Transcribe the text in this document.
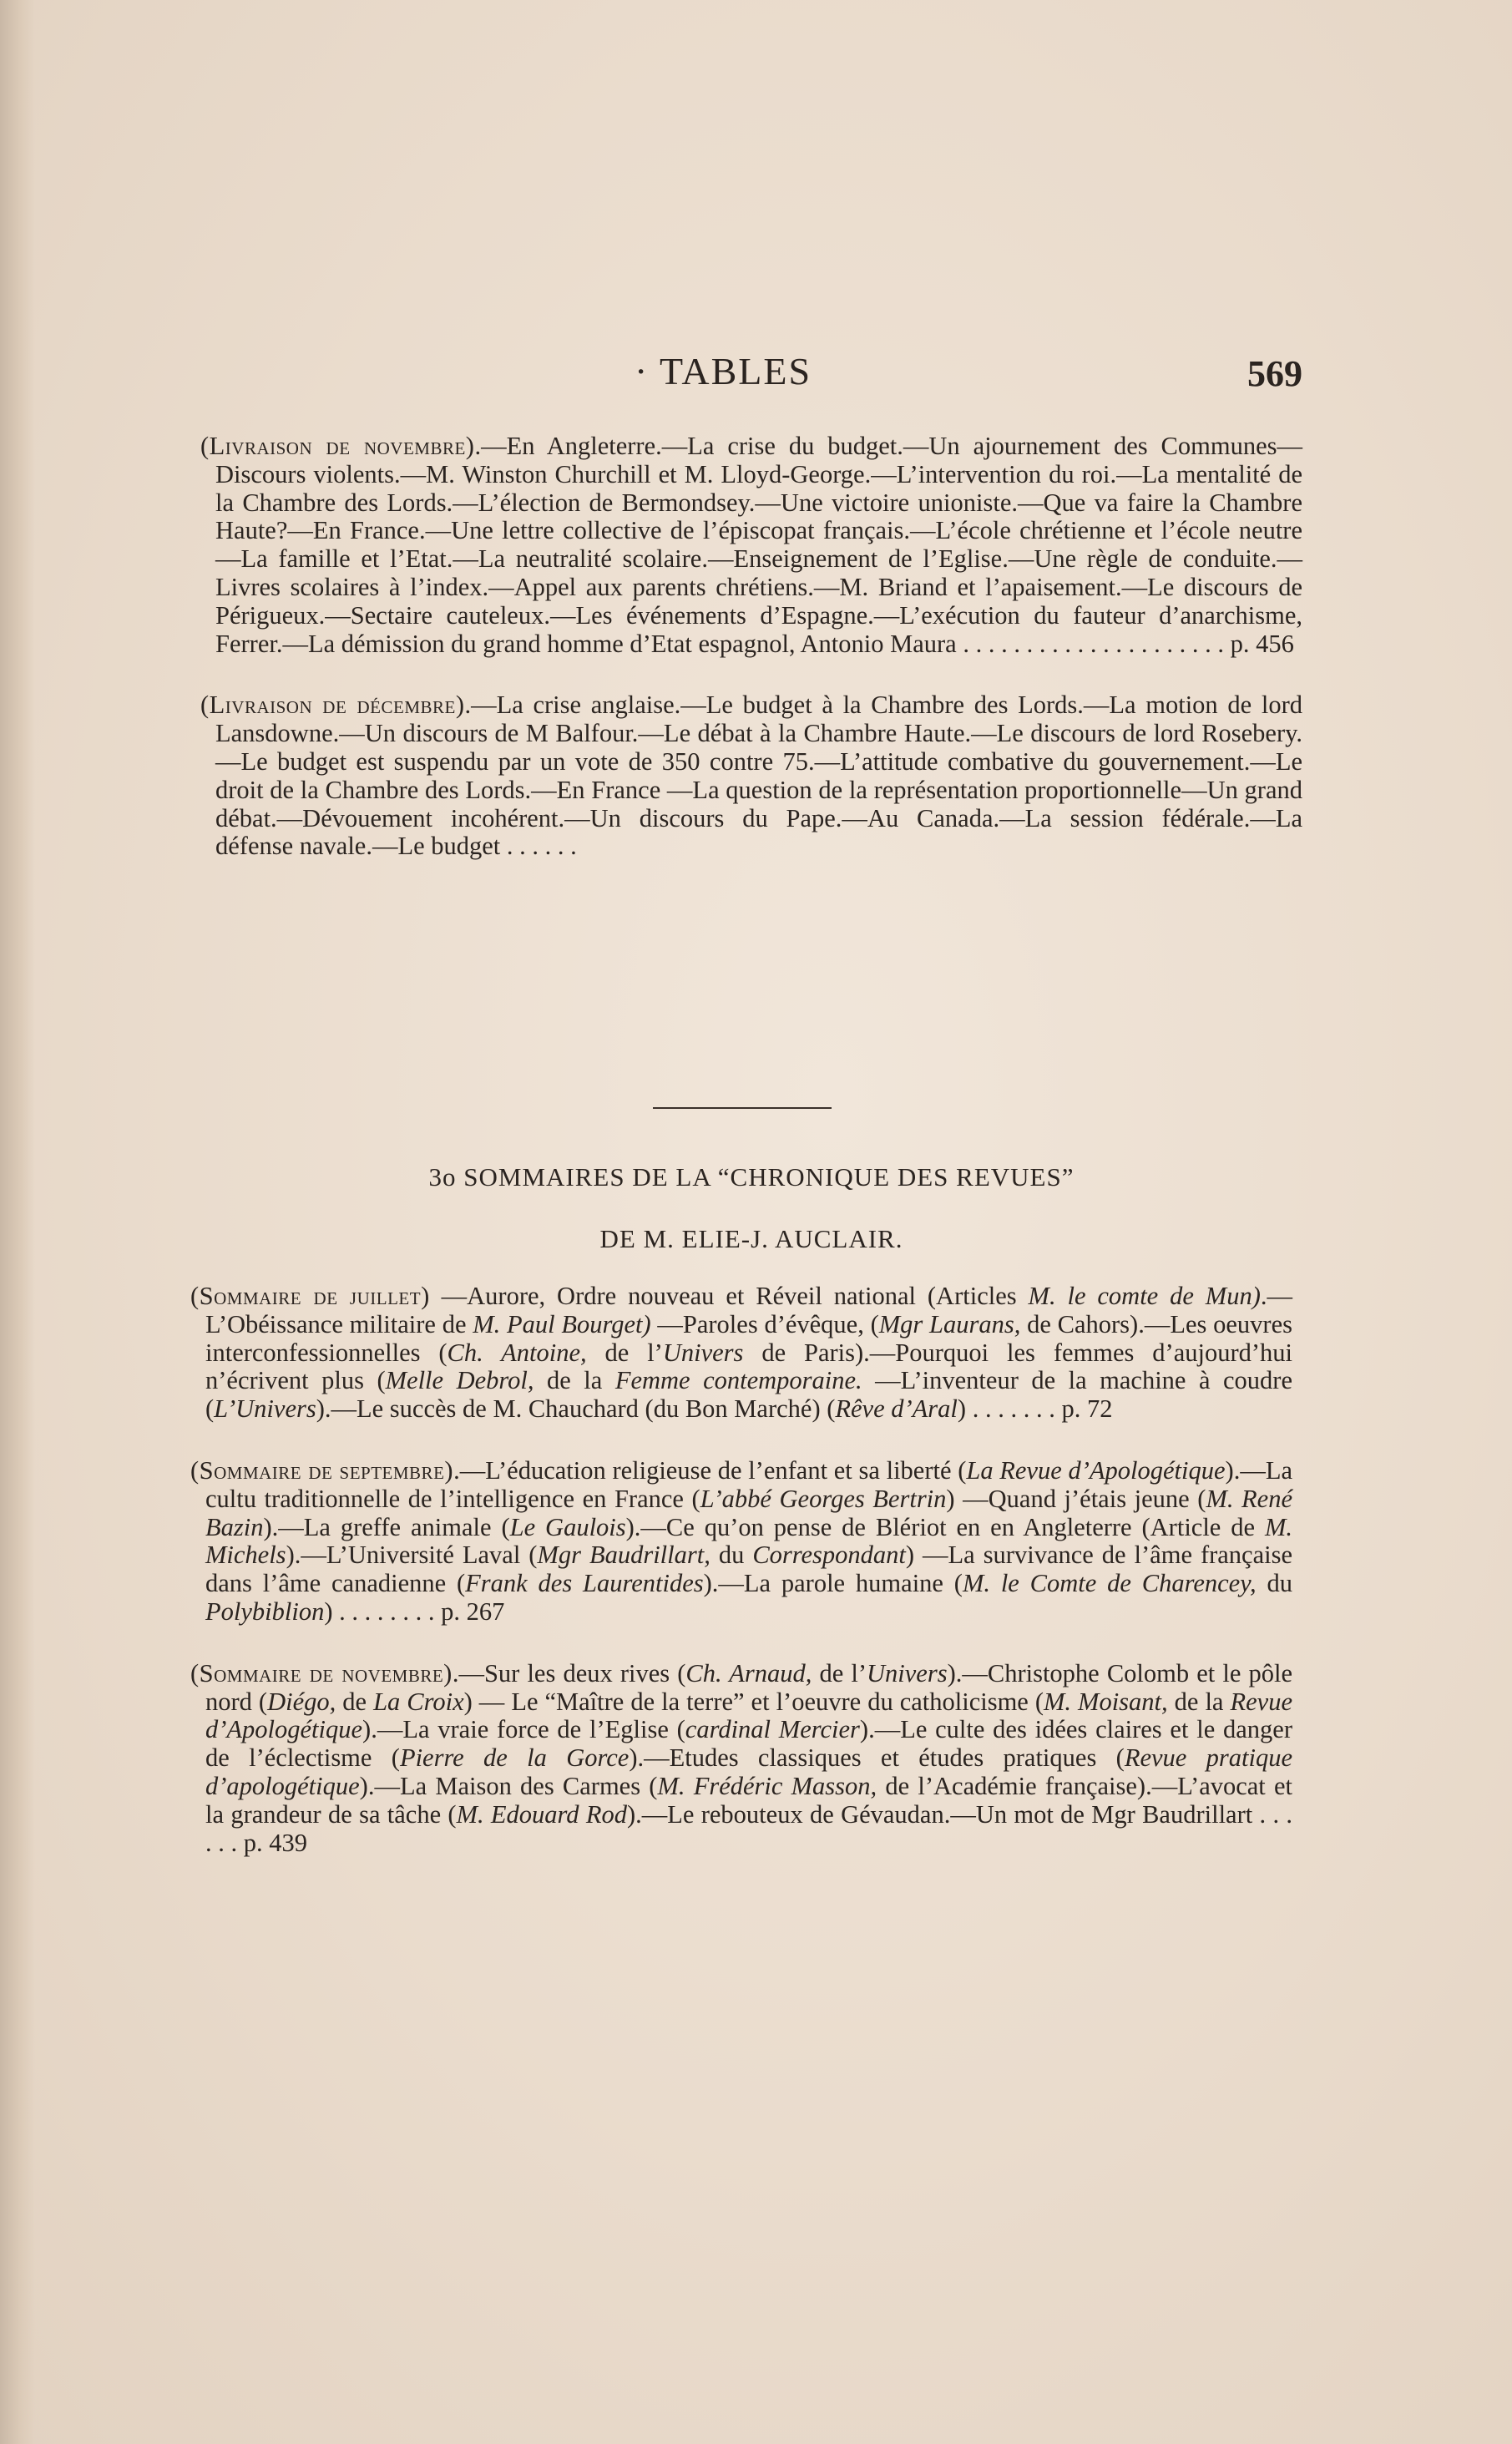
· TABLES	569

(Livraison de novembre).—En Angleterre.—La crise du budget.—Un ajournement des Communes—Discours violents.—M. Winston Churchill et M. Lloyd-George.—L’intervention du roi.—La mentalité de la Chambre des Lords.—L’élection de Bermondsey.—Une victoire unioniste.—Que va faire la Chambre Haute?—En France.—Une lettre collective de l’épiscopat français.—L’école chrétienne et l’école neutre—La famille et l’Etat.—La neutralité scolaire.—Enseignement de l’Eglise.—Une règle de conduite.—Livres scolaires à l’index.—Appel aux parents chrétiens.—M. Briand et l’apaisement.—Le discours de Périgueux.—Sectaire cauteleux.—Les événements d’Espagne.—L’exécution du fauteur d’anarchisme, Ferrer.—La démission du grand homme d’Etat espagnol, Antonio Maura . . . . . . . . . . . . . . . . . . . . . p. 456

(Livraison de décembre).—La crise anglaise.—Le budget à la Chambre des Lords.—La motion de lord Lansdowne.—Un discours de M Balfour.—Le débat à la Chambre Haute.—Le discours de lord Rosebery.—Le budget est suspendu par un vote de 350 contre 75.—L’attitude combative du gouvernement.—Le droit de la Chambre des Lords.—En France —La question de la représentation proportionnelle—Un grand débat.—Dévouement incohérent.—Un discours du Pape.—Au Canada.—La session fédérale.—La défense navale.—Le budget . . . . . .

3o SOMMAIRES DE LA “CHRONIQUE DES REVUES”
DE M. ELIE-J. AUCLAIR.

(Sommaire de juillet) —Aurore, Ordre nouveau et Réveil national (Articles M. le comte de Mun).—L’Obéissance militaire de M. Paul Bourget) —Paroles d’évêque, (Mgr Laurans, de Cahors).—Les oeuvres interconfessionnelles (Ch. Antoine, de l’Univers de Paris).—Pourquoi les femmes d’aujourd’hui n’écrivent plus (Melle Debrol, de la Femme contemporaine. —L’inventeur de la machine à coudre (L’Univers).—Le succès de M. Chauchard (du Bon Marché) (Rêve d’Aral) . . . . . . . p. 72

(Sommaire de septembre).—L’éducation religieuse de l’enfant et sa liberté (La Revue d’Apologétique).—La cultu traditionnelle de l’intelligence en France (L’abbé Georges Bertrin) —Quand j’étais jeune (M. René Bazin).—La greffe animale (Le Gaulois).—Ce qu’on pense de Blériot en en Angleterre (Article de M. Michels).—L’Université Laval (Mgr Baudrillart, du Correspondant) —La survivance de l’âme française dans l’âme canadienne (Frank des Laurentides).—La parole humaine (M. le Comte de Charencey, du Polybiblion) . . . . . . . . p. 267

(Sommaire de novembre).—Sur les deux rives (Ch. Arnaud, de l’Univers).—Christophe Colomb et le pôle nord (Diégo, de La Croix) — Le “Maître de la terre” et l’oeuvre du catholicisme (M. Moisant, de la Revue d’Apologétique).—La vraie force de l’Eglise (cardinal Mercier).—Le culte des idées claires et le danger de l’éclectisme (Pierre de la Gorce).—Etudes classiques et études pratiques (Revue pratique d’apologétique).—La Maison des Carmes (M. Frédéric Masson, de l’Académie française).—L’avocat et la grandeur de sa tâche (M. Edouard Rod).—Le rebouteux de Gévaudan.—Un mot de Mgr Baudrillart . . . . . . p. 439
